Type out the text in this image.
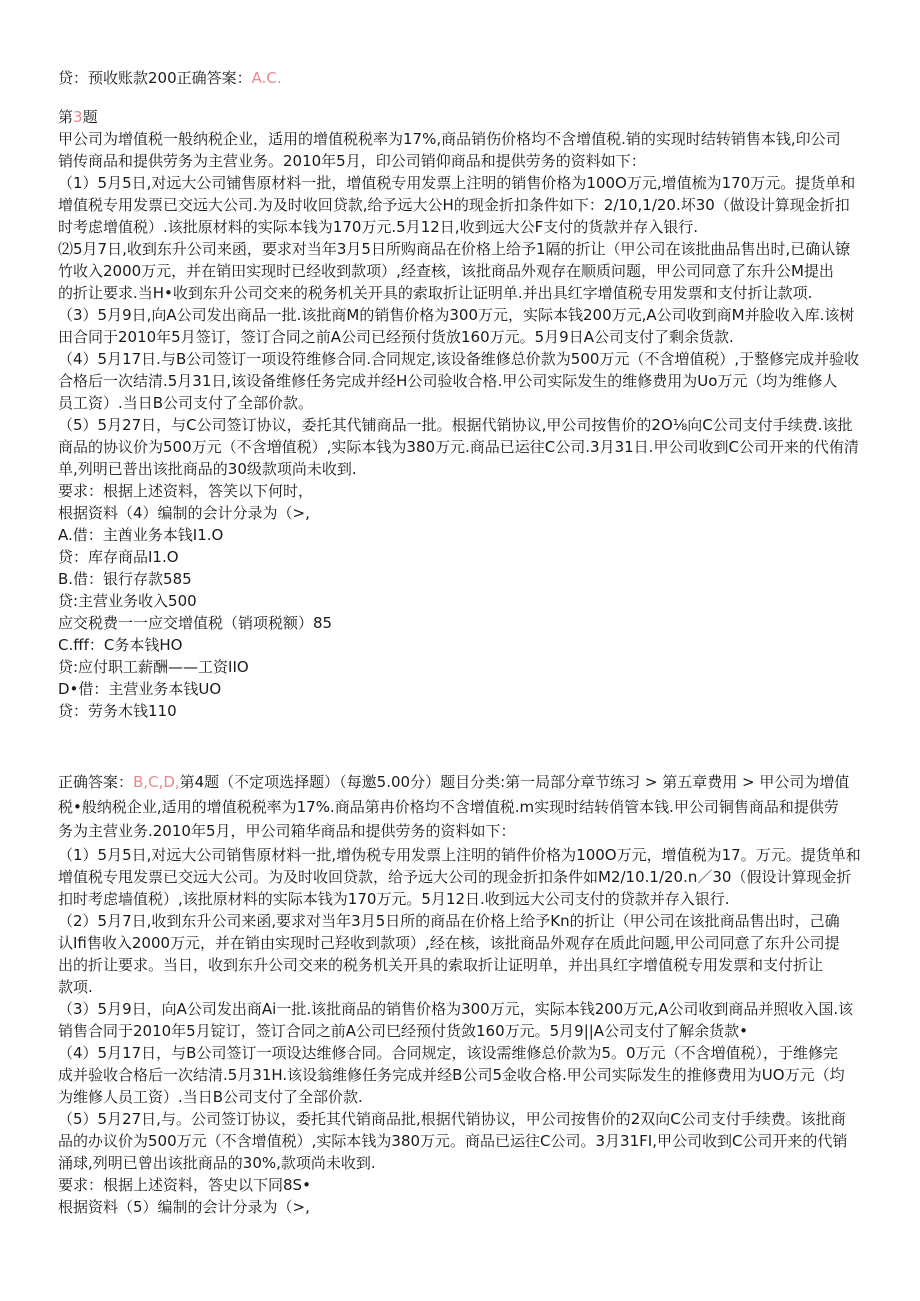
贷：预收账款200正确答案：A.C.
第3题
甲公司为增值税一般纳税企业，适用的增值税税率为17%,商品销伤价格均不含增值税.销的实现时结转销售本钱,印公司
销传商品和提供劳务为主营业务。2010年5月，印公司销仰商品和提供劳务的资料如下：
（1）5月5日,对远大公司铺售原材料一批，增值税专用发票上注明的销售价格为100O万元,增值梳为170万元。提货单和
增值税专用发票已交远大公司.为及时收回贷款,给予远大公H的现金折扣条件如下：2/10,1/20.坏30（做设计算现金折扣
时考虑增值税）.该批原材料的实际本钱为170万元.5月12日,收到远大公F支付的货款并存入银行.
⑵5月7日,收到东升公司来函，要求对当年3月5日所购商品在价格上给予1隔的折让（甲公司在该批曲品售出时,已确认镣
竹收入2000万元，并在销田实现时已经收到款项）,经查核，该批商品外观存在顺质问题，甲公司同意了东升公M提出
的折让要求.当H•收到东升公司交来的税务机关开具的索取折让证明单.并出具红字增值税专用发票和支付折让款项.
（3）5月9日,向A公司发出商品一批.该批商M的销售价格为300万元，实际本钱200万元,A公司收到商M并脸收入库.该树
田合同于2010年5月签订，签订合同之前A公司已经预付货放160万元。5月9日A公司支付了剩余货款.
（4）5月17日.与B公司签订一项设符维修合同.合同规定,该设备维修总价款为500万元（不含増值税）,于整修完成并验收
合格后一次结清.5月31日,该设备维修任务完成并经H公司验收合格.甲公司实际发生的维修费用为Uo万元（均为维修人
员工资）.当日B公司支付了全部价款。
（5）5月27日，与C公司签订协议，委托其代铺商品一批。根据代销协议,甲公司按售价的2O⅛向C公司支付手续费.该批
商品的协议价为500万元（不含増值税）,实际本钱为380万元.商品已运往C公司.3月31日.甲公司收到C公司开来的代侑清
单,列明已普出该批商品的30级款项尚未收到.
要求：根据上述资料，答笑以下何时，
根据资料（4）编制的会计分录为（>,
A.借：主酋业务本钱I1.O
贷：库存商品I1.O
B.借：银行存款585
贷:主营业务收入500
应交税费一一应交增值税（销项税额）85
C.fff：C务本钱HO
贷:应付职工薪酬——工资IIO
D•借：主营业务本钱UO
贷：劳务木钱110
正确答案：B,C,D,第4题（不定项选择题）（每邀5.00分）题目分类:第一局部分章节练习 > 第五章费用 > 甲公司为增值
税•般纳税企业,适用的增值税税率为17%.商品第冉价格均不含增值税.m实现时结转俏管本钱.甲公司铜售商品和提供劳
务为主营业务.2010年5月，甲公司箱华商品和提供劳务的资料如下：
（1）5月5日,对远大公司销售原材料一批,增伪税专用发票上注明的销件价格为100O万元，增值税为17。万元。提货单和
增值税专甩发票已交远大公司。为及时收回贷款，给予远大公司的现金折扣条件如M2/10.1/20.n／30（假设计算现金折
扣时考虑墙值税）,该批原材料的实际本钱为170万元。5月12日.收到远大公司支付的贷款并存入银行.
（2）5月7日,收到东升公司来函,要求对当年3月5日所的商品在价格上给予Kn的折让（甲公司在该批商品售出时，己确
认Ifi售收入2000万元，并在销由实现时己羟收到款项）,经在核，该批商品外观存在质此问题,甲公司同意了东升公司提
出的折让要求。当日，收到东升公司交来的税务机关开具的索取折让证明单，并出具红字增值税专用发票和支付折让
款项.
（3）5月9日，向A公司发出商Ai一批.该批商品的销售价格为300万元，实际本钱200万元,A公司收到商品并照收入国.该
销售合同于2010年5月锭订，签订合同之前A公司巳经预付货敛160万元。5月9||A公司支付了解余货款•
（4）5月17日，与B公司签订一项设达维修合同。合同规定，该设需维修总价款为5。0万元（不含増值税），于维修完
成并验收合格后一次结清.5月31H.该设翁维修任务完成并经B公司5金收合格.甲公司实际发生的推修费用为UO万元（均
为维修人员工资）.当日B公司支付了全部价款.
（5）5月27日,与。公司签订协议，委托其代销商品批,根据代销协议，甲公司按售价的2双向C公司支付手续费。该批商
品的办议价为500万元（不含增值税）,实际本钱为380万元。商品已运往C公司。3月31FI,甲公司收到C公司开来的代销
涌球,列明已曾出该批商品的30%,款项尚未收到.
要求：根据上述资料，答史以下同8S•
根据资料（5）编制的会计分录为（>,
